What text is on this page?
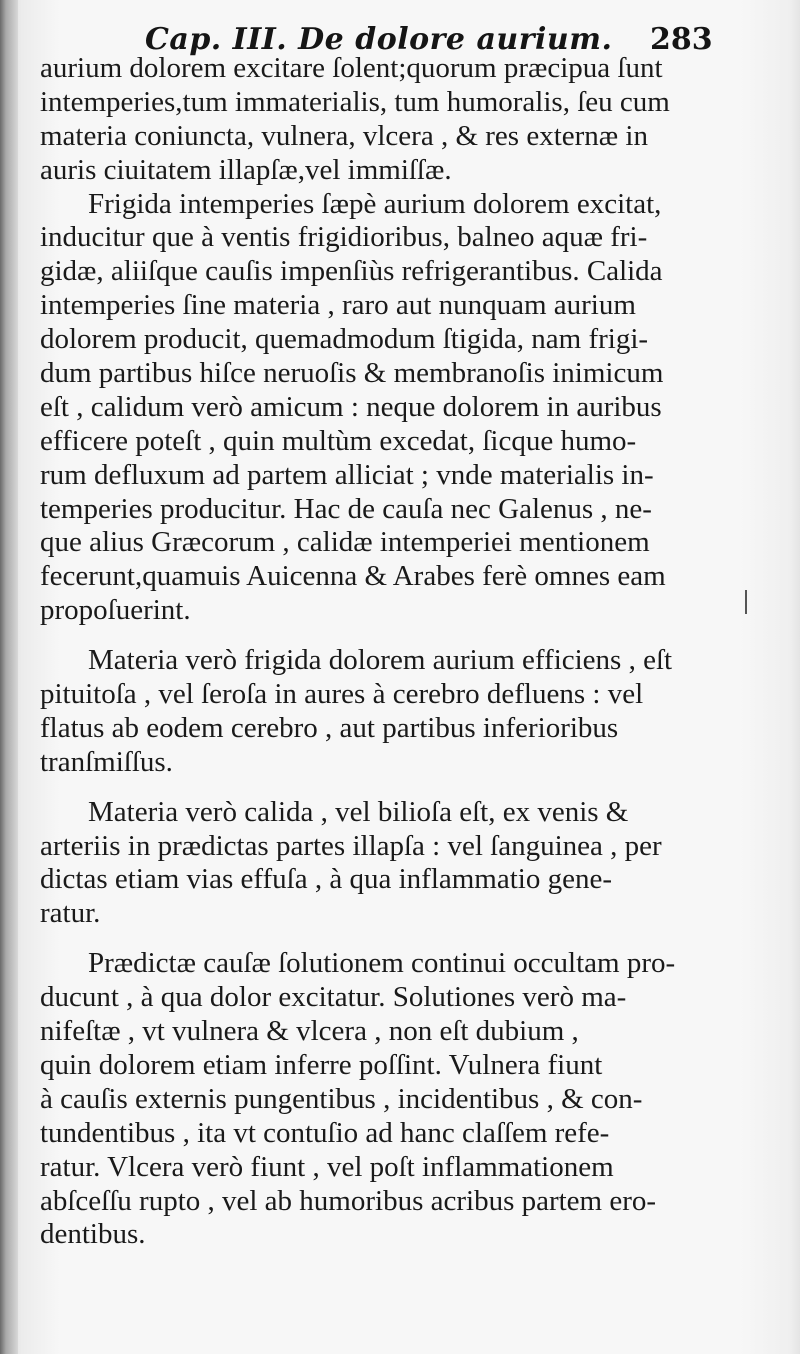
Cap. III. De dolore aurium. 283
aurium dolorem excitare ſolent;quorum præcipua ſunt
intemperies,tum immaterialis, tum humoralis, ſeu cum
materia coniuncta, vulnera, vlcera , & res externæ in
auris ciuitatem illapſæ,vel immiſſæ.
Frigida intemperies ſæpè aurium dolorem excitat,
inducitur que à ventis frigidioribus, balneo aquæ fri-
gidæ, aliiſque cauſis impenſiùs refrigerantibus. Calida
intemperies ſine materia , raro aut nunquam aurium
dolorem producit, quemadmodum ſtigida, nam frigi-
dum partibus hiſce neruoſis & membranoſis inimicum
eſt , calidum verò amicum : neque dolorem in auribus
efficere poteſt , quin multùm excedat, ſicque humo-
rum defluxum ad partem alliciat ; vnde materialis in-
temperies producitur. Hac de cauſa nec Galenus , ne-
que alius Græcorum , calidæ intemperiei mentionem
fecerunt,quamuis Auicenna & Arabes ferè omnes eam
propoſuerint.
Materia verò frigida dolorem aurium efficiens , eſt
pituitoſa , vel ſeroſa in aures à cerebro defluens : vel
flatus ab eodem cerebro , aut partibus inferioribus
tranſmiſſus.
Materia verò calida , vel bilioſa eſt, ex venis &
arteriis in prædictas partes illapſa : vel ſanguinea , per
dictas etiam vias effuſa , à qua inflammatio gene-
ratur.
Prædictæ cauſæ ſolutionem continui occultam pro-
ducunt , à qua dolor excitatur. Solutiones verò ma-
nifeſtæ , vt vulnera & vlcera , non eſt dubium ,
quin dolorem etiam inferre poſſint. Vulnera fiunt
à cauſis externis pungentibus , incidentibus , & con-
tundentibus , ita vt contuſio ad hanc claſſem refe-
ratur. Vlcera verò fiunt , vel poſt inflammationem
abſceſſu rupto , vel ab humoribus acribus partem ero-
dentibus.
